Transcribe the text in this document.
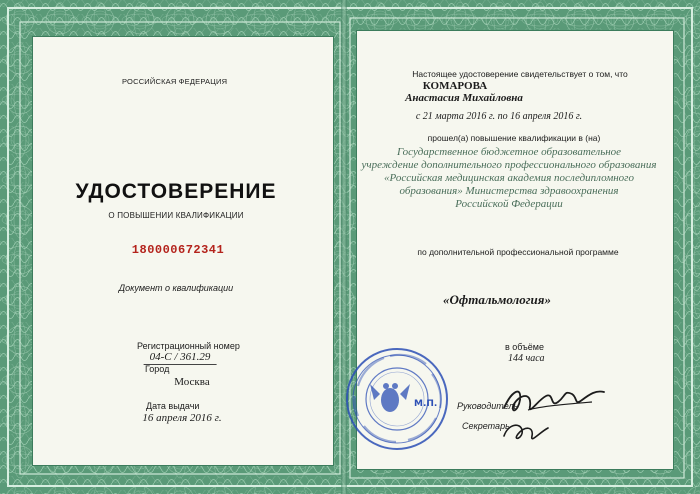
РОССИЙСКАЯ ФЕДЕРАЦИЯ
УДОСТОВЕРЕНИЕ
О ПОВЫШЕНИИ КВАЛИФИКАЦИИ
180000672341
Документ о квалификации
Регистрационный номер
04-С / 361.29
Город
Москва
Дата выдачи
16 апреля 2016 г.
Настоящее удостоверение свидетельствует о том, что
КОМАРОВА
Анастасия Михайловна
с 21 марта 2016 г. по 16 апреля 2016 г.
прошел(а) повышение квалификации в (на)
Государственное бюджетное образовательное
учреждение дополнительного профессионального образования
«Российская медицинская академия последипломного
образования» Министерства здравоохранения
Российской Федерации
по дополнительной профессиональной программе
«Офтальмология»
в объёме
144 часа
Руководитель
Секретарь
М.П.
